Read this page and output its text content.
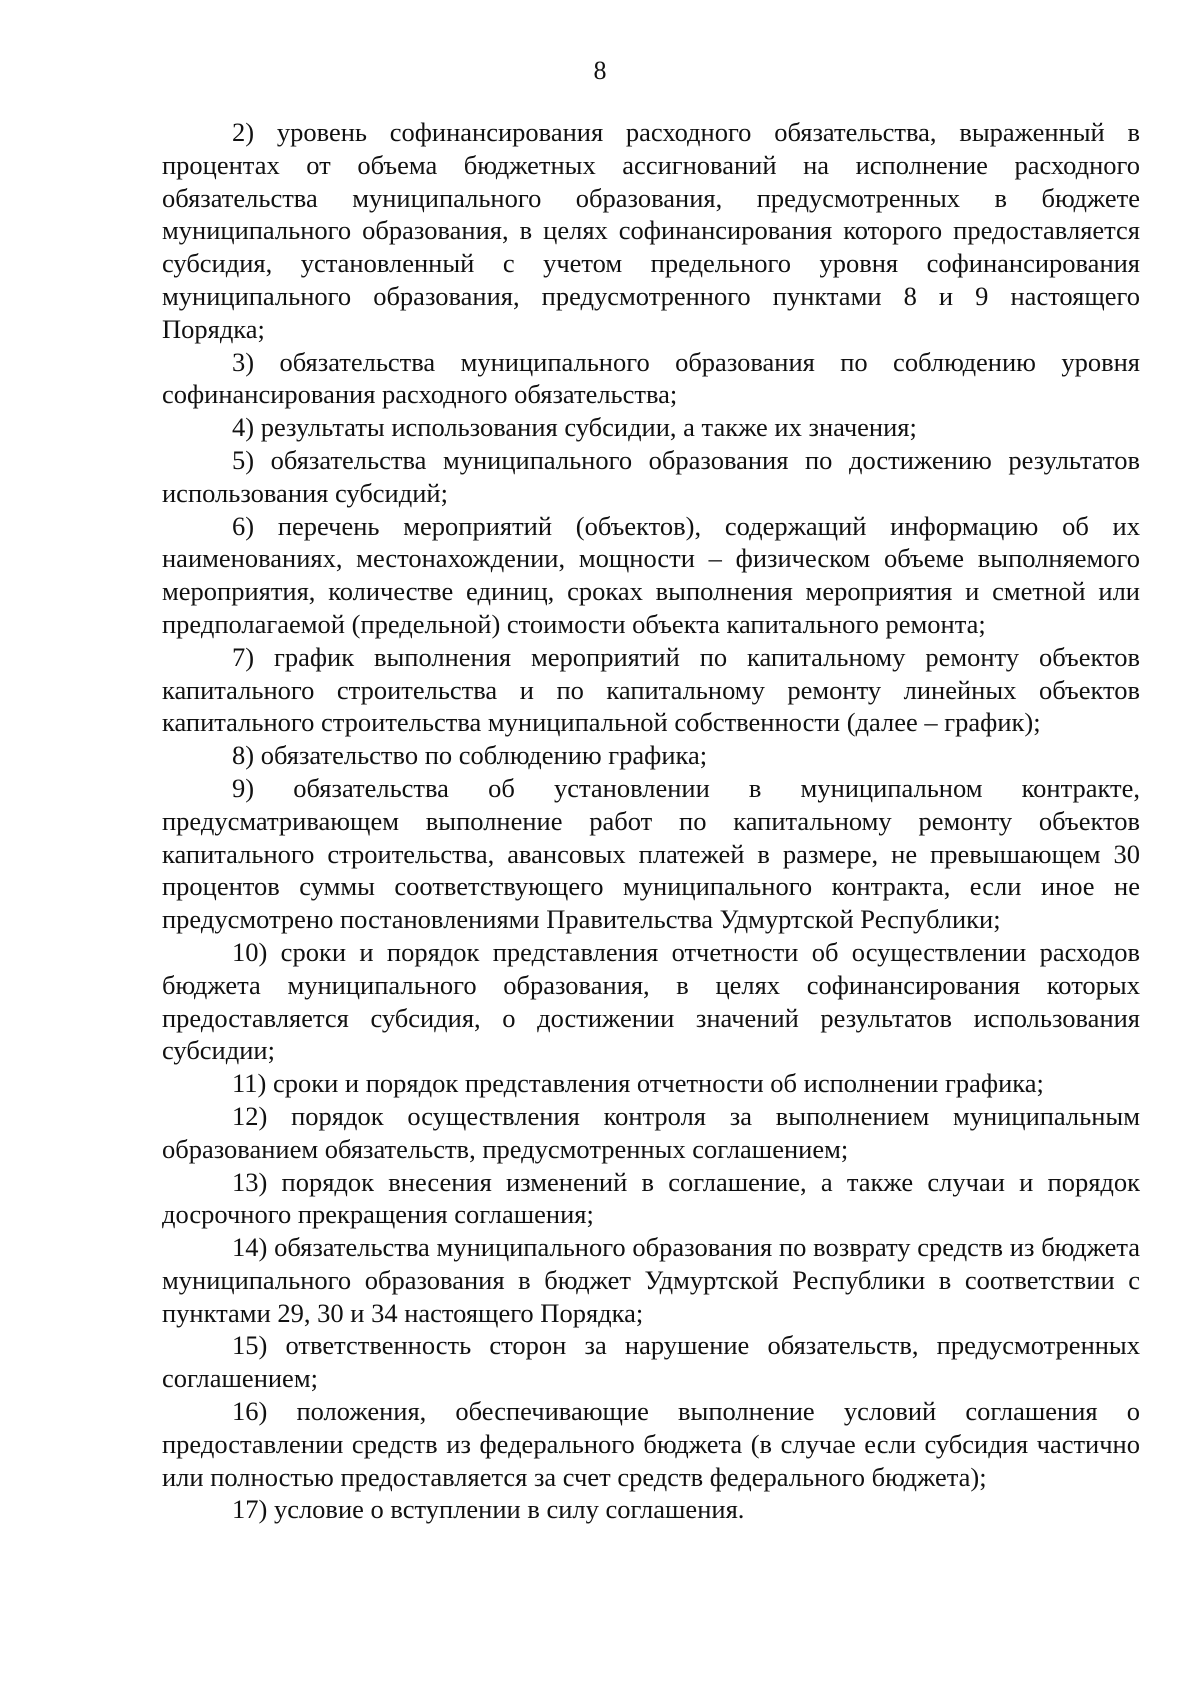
8

2) уровень софинансирования расходного обязательства, выраженный в процентах от объема бюджетных ассигнований на исполнение расходного обязательства муниципального образования, предусмотренных в бюджете муниципального образования, в целях софинансирования которого предоставляется субсидия, установленный с учетом предельного уровня софинансирования муниципального образования, предусмотренного пунктами 8 и 9 настоящего Порядка;

3) обязательства муниципального образования по соблюдению уровня софинансирования расходного обязательства;

4) результаты использования субсидии, а также их значения;

5) обязательства муниципального образования по достижению результатов использования субсидий;

6) перечень мероприятий (объектов), содержащий информацию об их наименованиях, местонахождении, мощности – физическом объеме выполняемого мероприятия, количестве единиц, сроках выполнения мероприятия и сметной или предполагаемой (предельной) стоимости объекта капитального ремонта;

7) график выполнения мероприятий по капитальному ремонту объектов капитального строительства и по капитальному ремонту линейных объектов капитального строительства муниципальной собственности (далее – график);

8) обязательство по соблюдению графика;

9) обязательства об установлении в муниципальном контракте, предусматривающем выполнение работ по капитальному ремонту объектов капитального строительства, авансовых платежей в размере, не превышающем 30 процентов суммы соответствующего муниципального контракта, если иное не предусмотрено постановлениями Правительства Удмуртской Республики;

10) сроки и порядок представления отчетности об осуществлении расходов бюджета муниципального образования, в целях софинансирования которых предоставляется субсидия, о достижении значений результатов использования субсидии;

11) сроки и порядок представления отчетности об исполнении графика;

12) порядок осуществления контроля за выполнением муниципальным образованием обязательств, предусмотренных соглашением;

13) порядок внесения изменений в соглашение, а также случаи и порядок досрочного прекращения соглашения;

14) обязательства муниципального образования по возврату средств из бюджета муниципального образования в бюджет Удмуртской Республики в соответствии с пунктами 29, 30 и 34 настоящего Порядка;

15) ответственность сторон за нарушение обязательств, предусмотренных соглашением;

16) положения, обеспечивающие выполнение условий соглашения о предоставлении средств из федерального бюджета (в случае если субсидия частично или полностью предоставляется за счет средств федерального бюджета);

17) условие о вступлении в силу соглашения.
